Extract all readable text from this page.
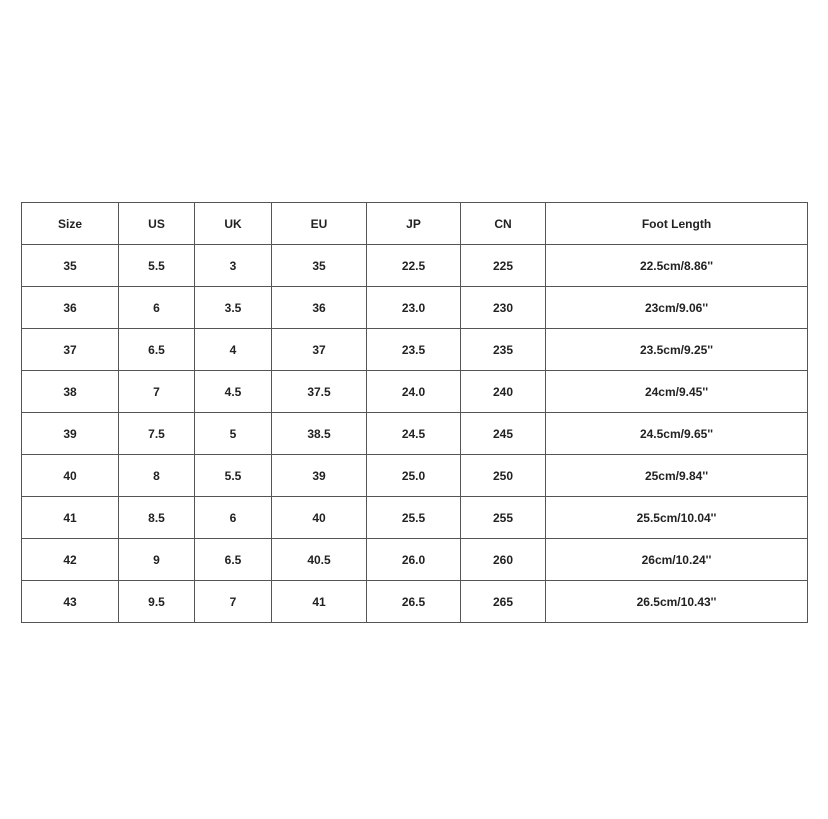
Size	US	UK	EU	JP	CN	Foot Length
35	5.5	3	35	22.5	225	22.5cm/8.86''
36	6	3.5	36	23.0	230	23cm/9.06''
37	6.5	4	37	23.5	235	23.5cm/9.25''
38	7	4.5	37.5	24.0	240	24cm/9.45''
39	7.5	5	38.5	24.5	245	24.5cm/9.65''
40	8	5.5	39	25.0	250	25cm/9.84''
41	8.5	6	40	25.5	255	25.5cm/10.04''
42	9	6.5	40.5	26.0	260	26cm/10.24''
43	9.5	7	41	26.5	265	26.5cm/10.43''
